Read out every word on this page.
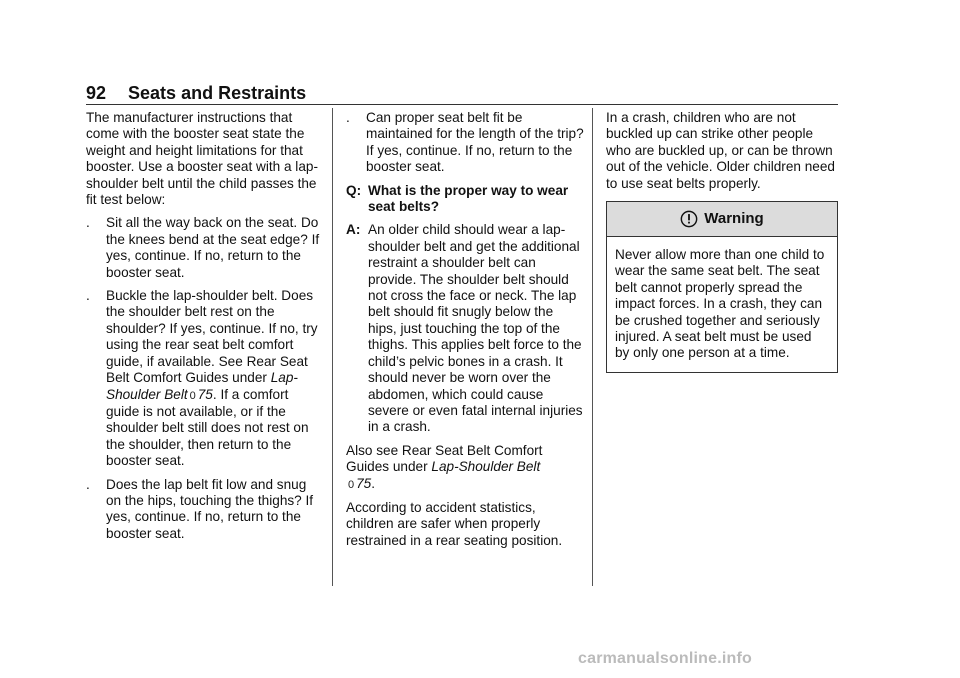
92 Seats and Restraints

The manufacturer instructions that come with the booster seat state the weight and height limitations for that booster. Use a booster seat with a lap-shoulder belt until the child passes the fit test below:

.	Sit all the way back on the seat. Do the knees bend at the seat edge? If yes, continue. If no, return to the booster seat.
.	Buckle the lap-shoulder belt. Does the shoulder belt rest on the shoulder? If yes, continue. If no, try using the rear seat belt comfort guide, if available. See Rear Seat Belt Comfort Guides under Lap-Shoulder Belt 0 75. If a comfort guide is not available, or if the shoulder belt still does not rest on the shoulder, then return to the booster seat.
.	Does the lap belt fit low and snug on the hips, touching the thighs? If yes, continue. If no, return to the booster seat.
.	Can proper seat belt fit be maintained for the length of the trip? If yes, continue. If no, return to the booster seat.
Q: What is the proper way to wear seat belts?
A: An older child should wear a lap-shoulder belt and get the additional restraint a shoulder belt can provide. The shoulder belt should not cross the face or neck. The lap belt should fit snugly below the hips, just touching the top of the thighs. This applies belt force to the child’s pelvic bones in a crash. It should never be worn over the abdomen, which could cause severe or even fatal internal injuries in a crash.

Also see Rear Seat Belt Comfort Guides under Lap-Shoulder Belt
0 75.

According to accident statistics, children are safer when properly restrained in a rear seating position.

In a crash, children who are not buckled up can strike other people who are buckled up, or can be thrown out of the vehicle. Older children need to use seat belts properly.

Warning
Never allow more than one child to wear the same seat belt. The seat belt cannot properly spread the impact forces. In a crash, they can be crushed together and seriously injured. A seat belt must be used by only one person at a time.
carmanualsonline.info
